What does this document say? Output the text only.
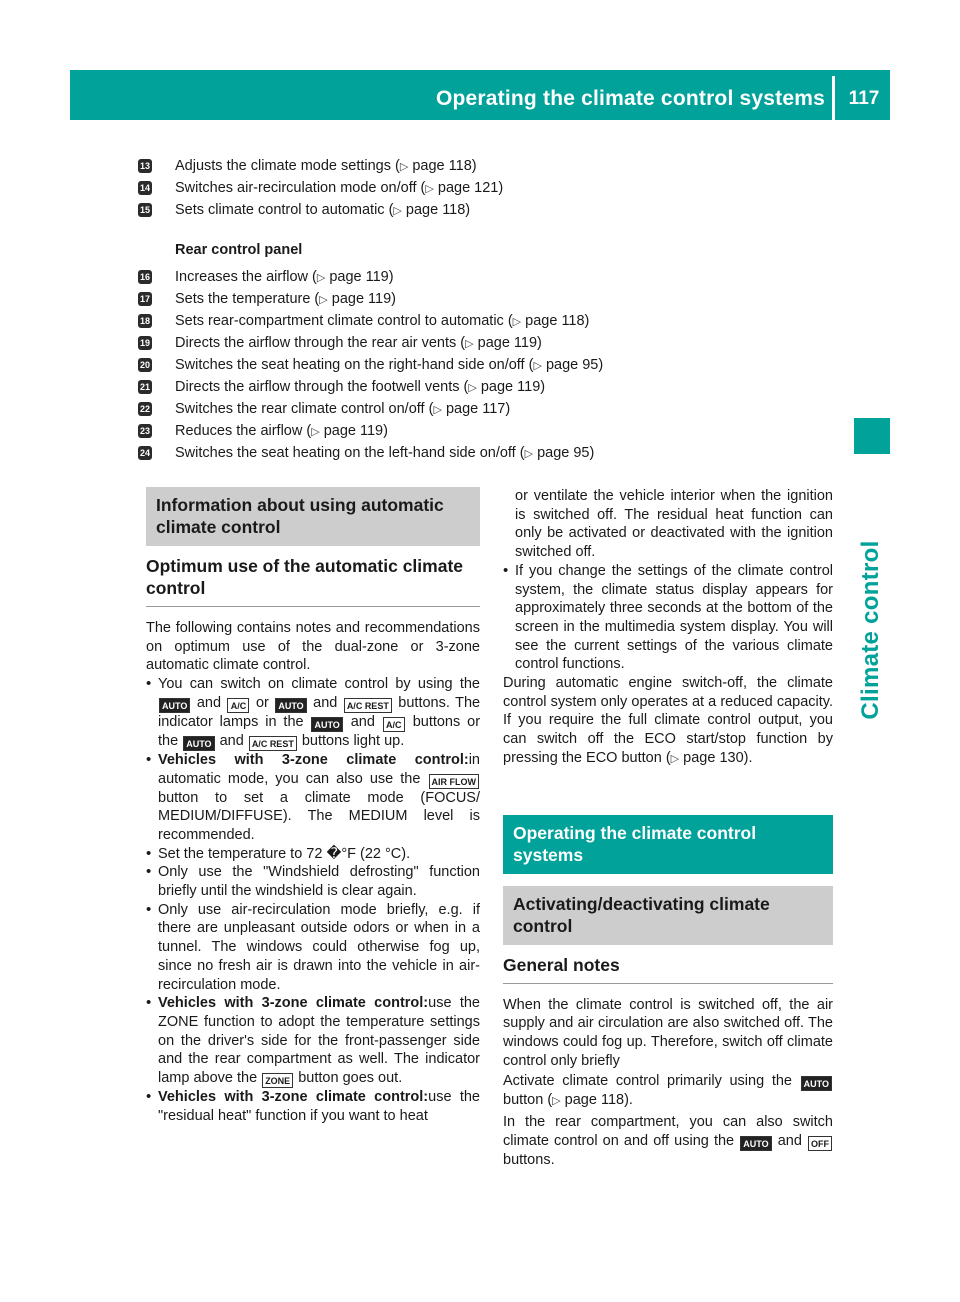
Operating the climate control systems	117
Climate control
13 Adjusts the climate mode settings (▷ page 118)
14 Switches air-recirculation mode on/off (▷ page 121)
15 Sets climate control to automatic (▷ page 118)
Rear control panel
16 Increases the airflow (▷ page 119)
17 Sets the temperature (▷ page 119)
18 Sets rear-compartment climate control to automatic (▷ page 118)
19 Directs the airflow through the rear air vents (▷ page 119)
20 Switches the seat heating on the right-hand side on/off (▷ page 95)
21 Directs the airflow through the footwell vents (▷ page 119)
22 Switches the rear climate control on/off (▷ page 117)
23 Reduces the airflow (▷ page 119)
24 Switches the seat heating on the left-hand side on/off (▷ page 95)
Information about using automatic climate control
Optimum use of the automatic climate control
The following contains notes and recommendations on optimum use of the dual-zone or 3-zone automatic climate control.
• You can switch on climate control by using the AUTO and A/C or AUTO and A/C REST buttons. The indicator lamps in the AUTO and A/C buttons or the AUTO and A/C REST buttons light up.
• Vehicles with 3-zone climate control:in automatic mode, you can also use the AIR FLOW button to set a climate mode (FOCUS/ MEDIUM/DIFFUSE). The MEDIUM level is recommended.
• Set the temperature to 72 �°F (22 ‌°C).
• Only use the "Windshield defrosting" function briefly until the windshield is clear again.
• Only use air-recirculation mode briefly, e.g. if there are unpleasant outside odors or when in a tunnel. The windows could otherwise fog up, since no fresh air is drawn into the vehicle in air-recirculation mode.
• Vehicles with 3-zone climate control:use the ZONE function to adopt the temperature settings on the driver's side for the front-passenger side and the rear compartment as well. The indicator lamp above the ZONE button goes out.
• Vehicles with 3-zone climate control:use the "residual heat" function if you want to heat
or ventilate the vehicle interior when the ignition is switched off. The residual heat function can only be activated or deactivated with the ignition switched off.
• If you change the settings of the climate control system, the climate status display appears for approximately three seconds at the bottom of the screen in the multimedia system display. You will see the current settings of the various climate control functions.
During automatic engine switch-off, the climate control system only operates at a reduced capacity. If you require the full climate control output, you can switch off the ECO start/stop function by pressing the ECO button (▷ page 130).
Operating the climate control systems
Activating/deactivating climate control
General notes
When the climate control is switched off, the air supply and air circulation are also switched off. The windows could fog up. Therefore, switch off climate control only briefly
Activate climate control primarily using the AUTO button (▷ page 118).
In the rear compartment, you can also switch climate control on and off using the AUTO and OFF buttons.
